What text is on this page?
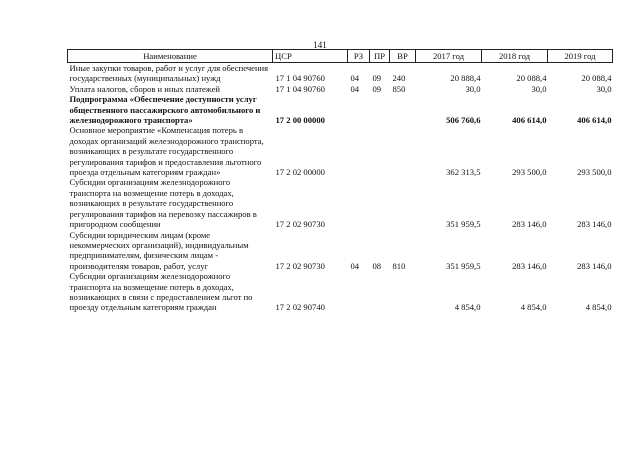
141
Наименование	ЦСР	РЗ	ПР	ВР	2017 год	2018 год	2019 год
Иные закупки товаров, работ и услуг для обеспечения государственных (муниципальных) нужд	17 1 04 90760	04	09	240	20 888,4	20 088,4	20 088,4
Уплата налогов, сборов и иных платежей	17 1 04 90760	04	09	850	30,0	30,0	30,0
Подпрограмма «Обеспечение доступности услуг общественного пассажирского автомобильного и железнодорожного транспорта»	17 2 00 00000				506 760,6	406 614,0	406 614,0
Основное мероприятие «Компенсация потерь в доходах организаций железнодорожного транспорта, возникающих в результате государственного регулирования тарифов и предоставления льготного проезда отдельным категориям граждан»	17 2 02 00000				362 313,5	293 500,0	293 500,0
Субсидии организациям железнодорожного транспорта на возмещение потерь в доходах, возникающих в результате государственного регулирования тарифов на перевозку пассажиров в пригородном сообщении	17 2 02 90730				351 959,5	283 146,0	283 146,0
Субсидии юридическим лицам (кроме некоммерческих организаций), индивидуальным предпринимателям, физическим лицам - производителям товаров, работ, услуг	17 2 02 90730	04	08	810	351 959,5	283 146,0	283 146,0
Субсидии организациям железнодорожного транспорта на возмещение потерь в доходах, возникающих в связи с предоставлением льгот по проезду отдельным категориям граждан	17 2 02 90740				4 854,0	4 854,0	4 854,0
